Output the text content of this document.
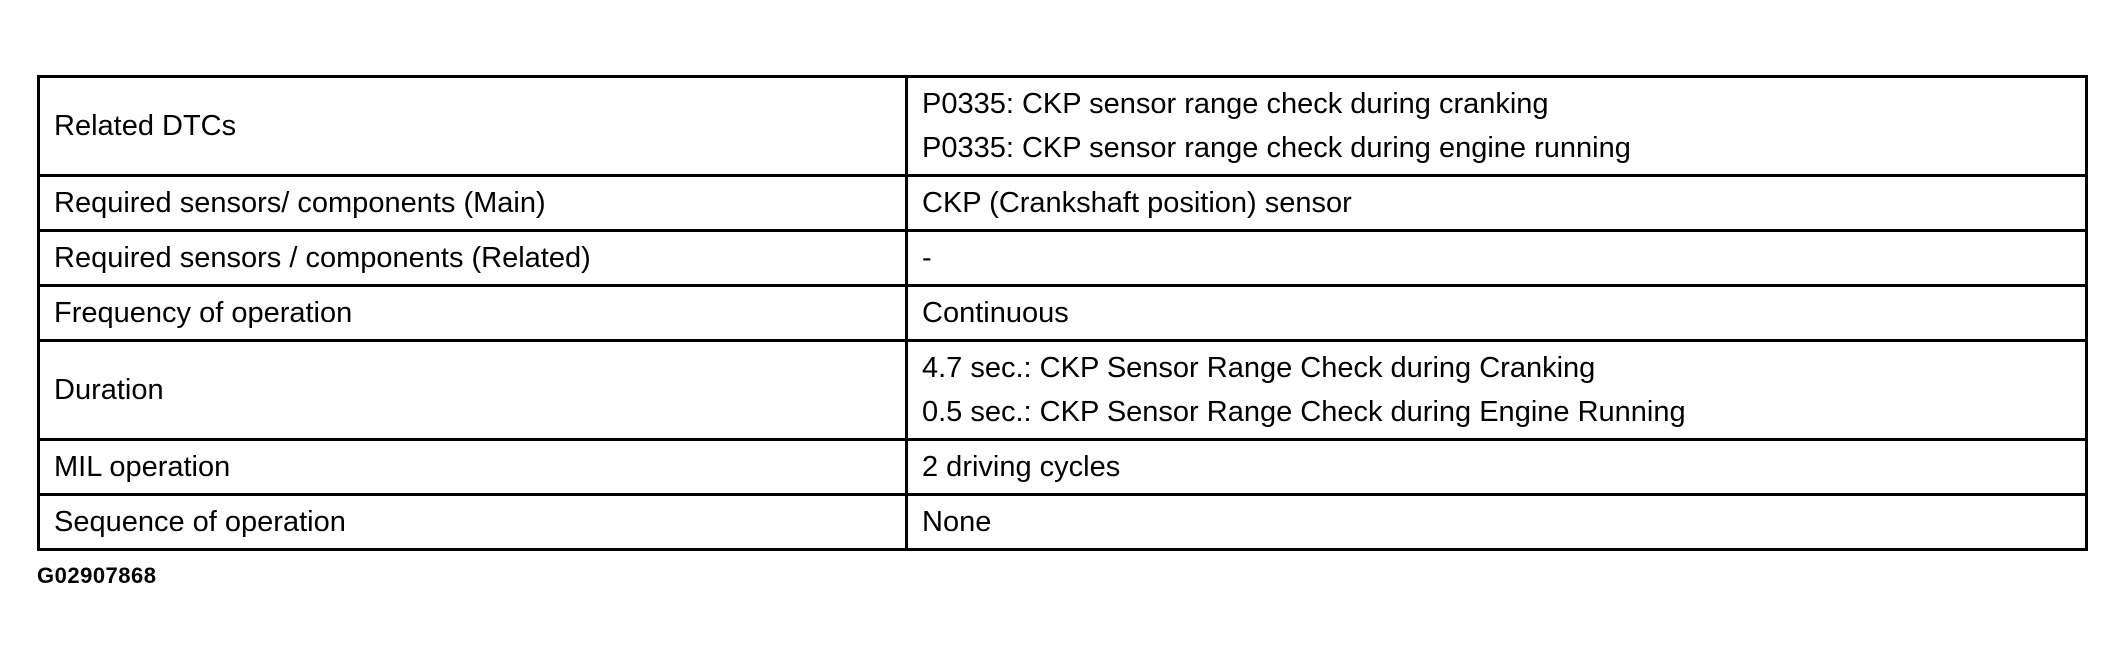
Related DTCs	P0335: CKP sensor range check during cranking
P0335: CKP sensor range check during engine running

Required sensors/ components (Main)	CKP (Crankshaft position) sensor

Required sensors / components (Related)	-

Frequency of operation	Continuous

Duration	4.7 sec.: CKP Sensor Range Check during Cranking
0.5 sec.: CKP Sensor Range Check during Engine Running

MIL operation	2 driving cycles

Sequence of operation	None
G02907868
